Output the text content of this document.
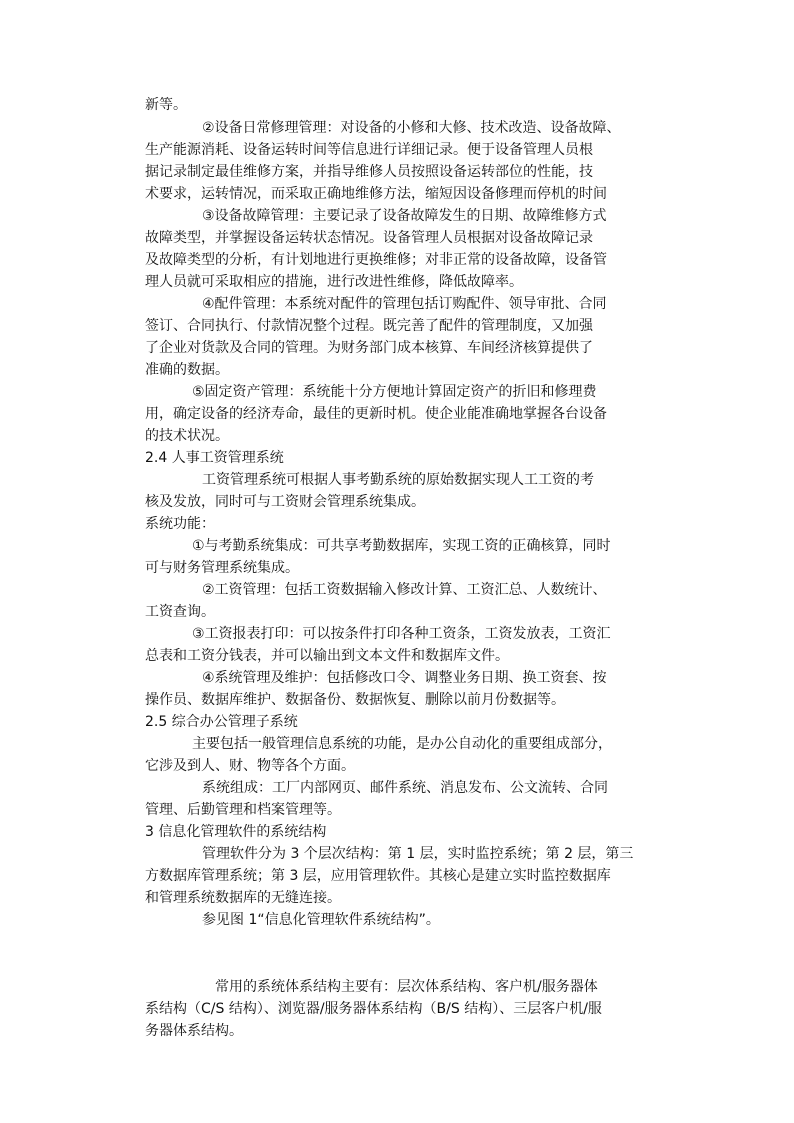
新等。
②设备日常修理管理：对设备的小修和大修、技术改造、设备故障、
生产能源消耗、设备运转时间等信息进行详细记录。便于设备管理人员根
据记录制定最佳维修方案，并指导维修人员按照设备运转部位的性能，技
术要求，运转情况，而采取正确地维修方法，缩短因设备修理而停机的时间
③设备故障管理：主要记录了设备故障发生的日期、故障维修方式
故障类型，并掌握设备运转状态情况。设备管理人员根据对设备故障记录
及故障类型的分析，有计划地进行更换维修；对非正常的设备故障，设备管
理人员就可采取相应的措施，进行改进性维修，降低故障率。
④配件管理：本系统对配件的管理包括订购配件、领导审批、合同
签订、合同执行、付款情况整个过程。既完善了配件的管理制度，又加强
了企业对货款及合同的管理。为财务部门成本核算、车间经济核算提供了
准确的数据。
⑤固定资产管理：系统能十分方便地计算固定资产的折旧和修理费
用，确定设备的经济寿命，最佳的更新时机。使企业能准确地掌握各台设备
的技术状况。
2.4 人事工资管理系统
工资管理系统可根据人事考勤系统的原始数据实现人工工资的考
核及发放，同时可与工资财会管理系统集成。
系统功能：
①与考勤系统集成：可共享考勤数据库，实现工资的正确核算，同时
可与财务管理系统集成。
②工资管理：包括工资数据输入修改计算、工资汇总、人数统计、
工资查询。
③工资报表打印：可以按条件打印各种工资条，工资发放表，工资汇
总表和工资分钱表，并可以输出到文本文件和数据库文件。
④系统管理及维护：包括修改口令、调整业务日期、换工资套、按
操作员、数据库维护、数据备份、数据恢复、删除以前月份数据等。
2.5 综合办公管理子系统
主要包括一般管理信息系统的功能，是办公自动化的重要组成部分，
它涉及到人、财、物等各个方面。
系统组成：工厂内部网页、邮件系统、消息发布、公文流转、合同
管理、后勤管理和档案管理等。
3 信息化管理软件的系统结构
管理软件分为 3 个层次结构：第 1 层，实时监控系统；第 2 层，第三
方数据库管理系统；第 3 层，应用管理软件。其核心是建立实时监控数据库
和管理系统数据库的无缝连接。
参见图 1“信息化管理软件系统结构”。
常用的系统体系结构主要有：层次体系结构、客户机/服务器体
系结构（C/S 结构）、浏览器/服务器体系结构（B/S 结构）、三层客户机/服
务器体系结构。
